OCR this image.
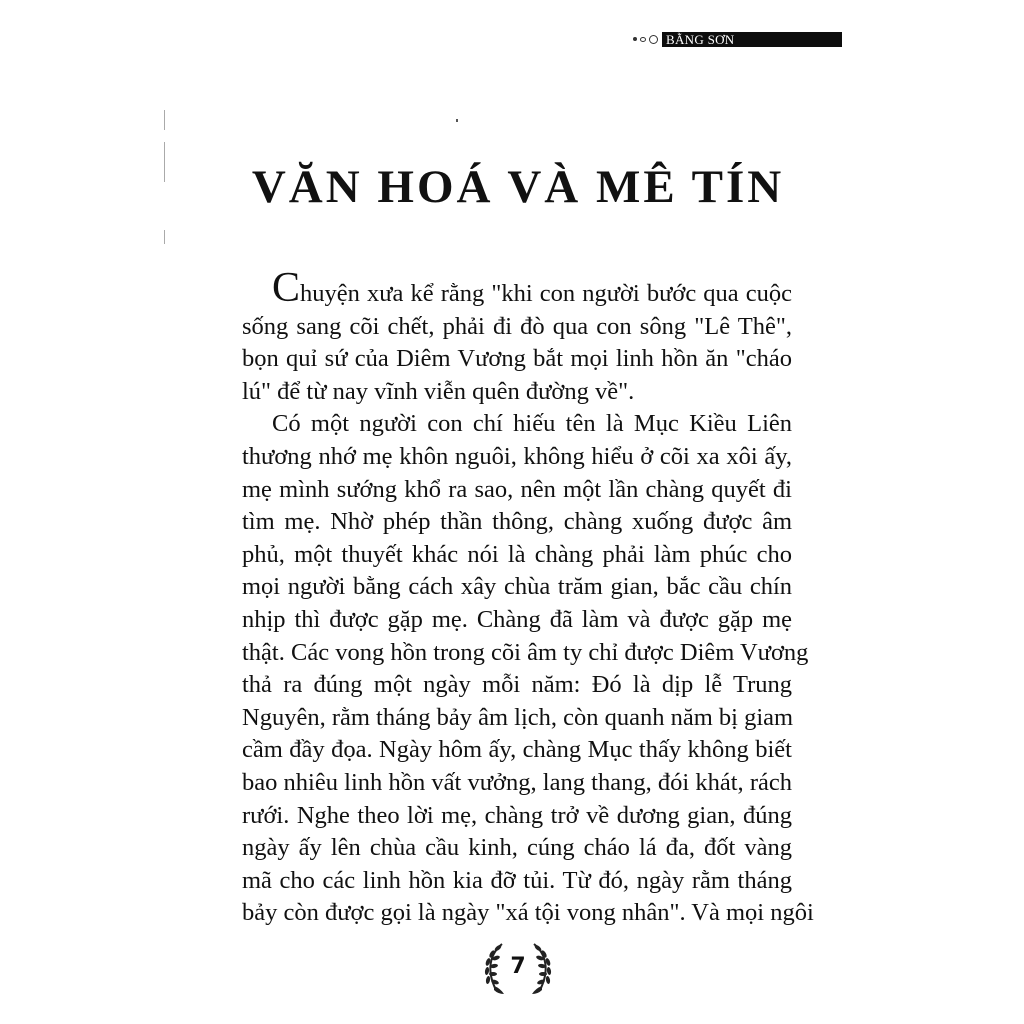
BẰNG SƠN
VĂN HOÁ VÀ MÊ TÍN
Chuyện xưa kể rằng "khi con người bước qua cuộc
sống sang cõi chết, phải đi đò qua con sông "Lê Thê",
bọn quỉ sứ của Diêm Vương bắt mọi linh hồn ăn "cháo
lú" để từ nay vĩnh viễn quên đường về".
Có một người con chí hiếu tên là Mục Kiều Liên
thương nhớ mẹ khôn nguôi, không hiểu ở cõi xa xôi ấy,
mẹ mình sướng khổ ra sao, nên một lần chàng quyết đi
tìm mẹ. Nhờ phép thần thông, chàng xuống được âm
phủ, một thuyết khác nói là chàng phải làm phúc cho
mọi người bằng cách xây chùa trăm gian, bắc cầu chín
nhịp thì được gặp mẹ. Chàng đã làm và được gặp mẹ
thật. Các vong hồn trong cõi âm ty chỉ được Diêm Vương
thả ra đúng một ngày mỗi năm: Đó là dịp lễ Trung
Nguyên, rằm tháng bảy âm lịch, còn quanh năm bị giam
cầm đầy đọa. Ngày hôm ấy, chàng Mục thấy không biết
bao nhiêu linh hồn vất vưởng, lang thang, đói khát, rách
rưới. Nghe theo lời mẹ, chàng trở về dương gian, đúng
ngày ấy lên chùa cầu kinh, cúng cháo lá đa, đốt vàng
mã cho các linh hồn kia đỡ tủi. Từ đó, ngày rằm tháng
bảy còn được gọi là ngày "xá tội vong nhân". Và mọi ngôi
7
